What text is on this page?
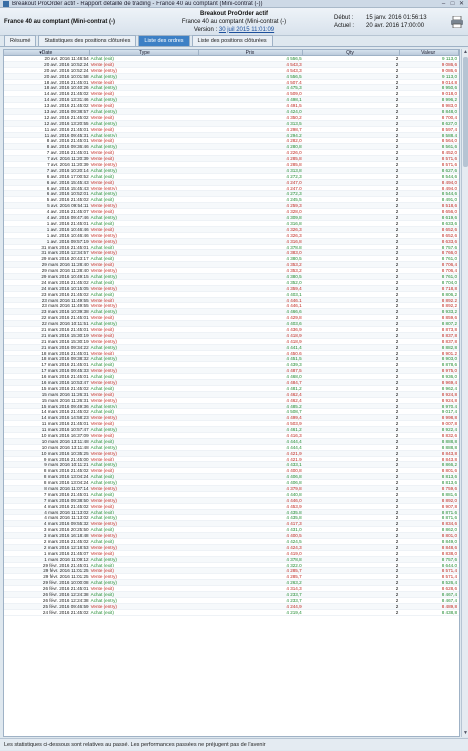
Breakout ProOrder actif - Rapport détaillé de trading - France 40 au comptant (Mini-contrat (-))	– □ ✕
France 40 au comptant (Mini-contrat (-)
Breakout ProOrder actif
France 40 au comptant (Mini-contrat (-)
Version : 30 juil 2015 11:01:09
Début : 15 janv. 2016 01:56:13
Actuel : 20 avr. 2016 17:00:00
Résumé	Statistiques des positions clôturées	Liste des ordres	Liste des positions clôturées
▾ Date	Type	Prix	Qty	Valeur
20 avr. 2016 11:48:54 Achat (exit)	4 556,5	2	9 113,0
20 avr. 2016 10:52:24 Vente (exit)	4 543,3	2	9 086,6
20 avr. 2016 10:52:24 Vente (entry)	4 543,3	2	9 086,6
20 avr. 2016 10:01:58 Achat (entry)	4 556,5	2	9 113,0
18 avr. 2016 21:45:01 Vente (exit)	4 507,4	2	9 014,8
18 avr. 2016 10:40:26 Achat (entry)	4 475,3	2	8 950,6
14 avr. 2016 21:45:02 Vente (exit)	4 509,0	2	9 018,0
14 avr. 2016 13:31:46 Achat (entry)	4 498,1	2	8 996,2
13 avr. 2016 21:45:02 Vente (exit)	4 491,5	2	8 983,0
13 avr. 2016 09:38:57 Achat (entry)	4 424,0	2	8 848,0
12 avr. 2016 21:45:02 Vente (exit)	4 350,2	2	8 700,4
12 avr. 2016 13:20:55 Achat (entry)	4 313,5	2	8 627,0
11 avr. 2016 21:45:01 Vente (exit)	4 298,7	2	8 597,4
11 avr. 2016 09:45:31 Achat (entry)	4 294,2	2	8 588,4
8 avr. 2016 21:45:01 Vente (exit)	4 282,0	2	8 564,0
8 avr. 2016 09:36:46 Achat (entry)	4 280,8	2	8 561,6
7 avr. 2016 21:45:01 Vente (exit)	4 226,0	2	8 452,0
7 avr. 2016 11:20:39 Vente (exit)	4 285,8	2	8 571,6
7 avr. 2016 11:20:39 Vente (entry)	4 285,8	2	8 571,6
7 avr. 2016 10:20:14 Achat (entry)	4 313,8	2	8 627,6
6 avr. 2016 17:00:52 Achat (exit)	4 272,3	2	8 544,6
6 avr. 2016 15:45:43 Vente (exit)	4 247,0	2	8 494,0
6 avr. 2016 15:45:43 Vente (entry)	4 247,0	2	8 494,0
6 avr. 2016 10:52:01 Achat (entry)	4 272,3	2	8 544,6
5 avr. 2016 21:45:02 Achat (exit)	4 245,5	2	8 491,0
5 avr. 2016 09:54:11 Vente (entry)	4 259,3	2	8 518,6
4 avr. 2016 21:45:07 Vente (exit)	4 328,0	2	8 656,0
4 avr. 2016 09:47:46 Achat (entry)	4 309,8	2	8 619,6
1 avr. 2016 21:45:01 Achat (exit)	4 316,8	2	8 633,6
1 avr. 2016 10:46:46 Vente (exit)	4 326,3	2	8 652,6
1 avr. 2016 10:46:46 Vente (entry)	4 326,3	2	8 652,6
1 avr. 2016 09:57:19 Vente (entry)	4 316,8	2	8 633,6
31 mars 2016 21:45:01 Achat (exit)	4 378,8	2	8 757,6
31 mars 2016 12:34:57 Vente (entry)	4 383,0	2	8 766,0
29 mars 2016 20:43:17 Achat (exit)	4 380,5	2	8 761,0
29 mars 2016 11:28:40 Vente (exit)	4 353,2	2	8 706,4
29 mars 2016 11:28:40 Vente (entry)	4 353,2	2	8 706,4
29 mars 2016 10:49:15 Achat (entry)	4 380,5	2	8 761,0
24 mars 2016 21:45:02 Achat (exit)	4 352,0	2	8 704,0
24 mars 2016 10:15:05 Vente (entry)	4 359,4	2	8 718,8
23 mars 2016 21:45:02 Achat (exit)	4 403,1	2	8 806,2
23 mars 2016 11:49:55 Vente (exit)	4 446,1	2	8 892,2
23 mars 2016 11:49:55 Vente (entry)	4 446,1	2	8 892,2
23 mars 2016 10:39:38 Achat (entry)	4 466,6	2	8 933,2
22 mars 2016 21:45:01 Vente (exit)	4 429,8	2	8 859,6
22 mars 2016 10:11:51 Achat (entry)	4 403,6	2	8 807,2
21 mars 2016 21:45:01 Vente (exit)	4 436,9	2	8 873,8
21 mars 2016 15:30:19 Vente (exit)	4 418,9	2	8 837,8
21 mars 2016 15:30:19 Vente (entry)	4 418,9	2	8 837,8
21 mars 2016 09:34:22 Achat (entry)	4 441,4	2	8 882,8
18 mars 2016 21:45:01 Vente (exit)	4 450,6	2	8 901,2
18 mars 2016 09:38:32 Achat (entry)	4 451,5	2	8 903,0
17 mars 2016 21:45:01 Achat (exit)	4 439,3	2	8 878,6
17 mars 2016 09:45:33 Vente (entry)	4 487,5	2	8 975,0
16 mars 2016 21:45:01 Achat (exit)	4 468,0	2	8 936,0
16 mars 2016 10:53:47 Vente (entry)	4 484,7	2	8 969,4
15 mars 2016 21:45:02 Achat (exit)	4 481,2	2	8 962,4
15 mars 2016 11:26:31 Vente (exit)	4 462,4	2	8 924,8
15 mars 2016 11:26:31 Vente (entry)	4 462,4	2	8 924,8
15 mars 2016 09:49:36 Achat (entry)	4 485,2	2	8 970,4
14 mars 2016 21:45:02 Achat (exit)	4 508,7	2	9 017,4
14 mars 2016 14:58:23 Vente (entry)	4 499,4	2	8 998,8
11 mars 2016 21:45:01 Vente (exit)	4 503,9	2	9 007,8
11 mars 2016 10:57:47 Achat (entry)	4 461,2	2	8 922,4
10 mars 2016 16:37:09 Vente (exit)	4 416,3	2	8 832,6
10 mars 2016 13:11:48 Achat (exit)	4 444,4	2	8 888,8
10 mars 2016 13:11:48 Achat (entry)	4 444,4	2	8 888,8
10 mars 2016 10:35:25 Vente (entry)	4 421,9	2	8 843,8
9 mars 2016 21:45:00 Vente (exit)	4 421,9	2	8 843,8
9 mars 2016 10:11:21 Achat (entry)	4 433,1	2	8 866,2
8 mars 2016 21:45:02 Vente (exit)	4 400,8	2	8 801,6
8 mars 2016 13:04:24 Achat (exit)	4 406,8	2	8 813,6
8 mars 2016 13:04:24 Achat (entry)	4 406,8	2	8 813,6
8 mars 2016 11:07:14 Vente (entry)	4 379,8	2	8 759,6
7 mars 2016 21:45:01 Achat (exit)	4 440,8	2	8 881,6
7 mars 2016 09:38:50 Vente (entry)	4 446,0	2	8 892,0
4 mars 2016 21:45:02 Vente (exit)	4 453,9	2	8 907,8
4 mars 2016 11:13:02 Achat (exit)	4 435,8	2	8 871,6
4 mars 2016 11:13:02 Achat (entry)	4 435,8	2	8 871,6
4 mars 2016 09:55:32 Vente (entry)	4 417,3	2	8 834,6
3 mars 2016 20:25:50 Achat (exit)	4 431,0	2	8 862,0
3 mars 2016 16:18:48 Vente (entry)	4 400,5	2	8 801,0
2 mars 2016 21:45:02 Achat (exit)	4 424,5	2	8 849,0
2 mars 2016 12:18:53 Vente (entry)	4 424,3	2	8 848,6
1 mars 2016 21:45:07 Vente (exit)	4 419,0	2	8 838,0
1 mars 2016 11:09:12 Achat (entry)	4 378,8	2	8 757,6
29 févr. 2016 21:45:01 Achat (exit)	4 322,0	2	8 644,0
29 févr. 2016 11:01:25 Vente (exit)	4 285,7	2	8 571,4
29 févr. 2016 11:01:25 Vente (entry)	4 285,7	2	8 571,4
29 févr. 2016 10:00:08 Achat (entry)	4 263,2	2	8 526,4
26 févr. 2016 21:45:01 Vente (exit)	4 314,3	2	8 628,6
26 févr. 2016 12:24:38 Achat (exit)	4 233,7	2	8 467,4
26 févr. 2016 12:24:38 Achat (entry)	4 233,7	2	8 467,4
25 févr. 2016 09:46:59 Vente (entry)	4 244,9	2	8 489,8
24 févr. 2016 21:45:02 Achat (exit)	4 219,4	2	8 438,8
▲
▼
Les statistiques ci-dessous sont relatives au passé. Les performances passées ne préjugent pas de l'avenir
